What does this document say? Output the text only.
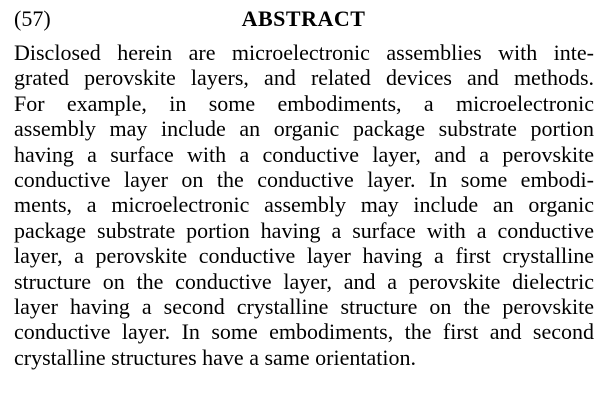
(57)	ABSTRACT
Disclosed herein are microelectronic assemblies with inte-
grated perovskite layers, and related devices and methods.
For example, in some embodiments, a microelectronic
assembly may include an organic package substrate portion
having a surface with a conductive layer, and a perovskite
conductive layer on the conductive layer. In some embodi-
ments, a microelectronic assembly may include an organic
package substrate portion having a surface with a conductive
layer, a perovskite conductive layer having a first crystalline
structure on the conductive layer, and a perovskite dielectric
layer having a second crystalline structure on the perovskite
conductive layer. In some embodiments, the first and second
crystalline structures have a same orientation.
